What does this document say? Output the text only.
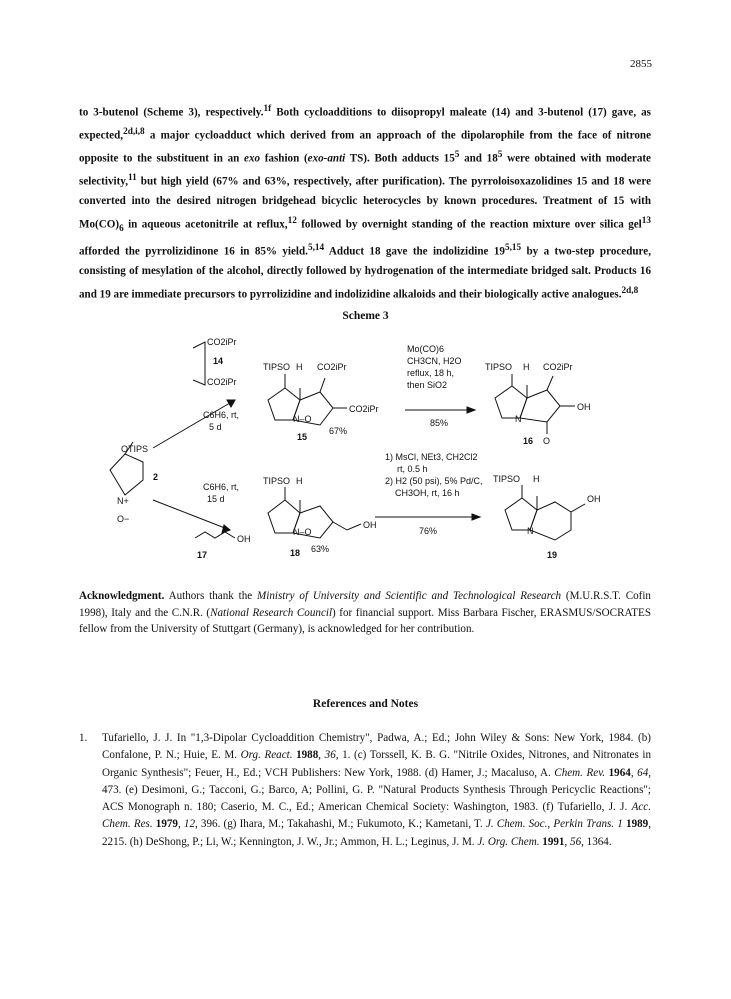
2855
to 3-butenol (Scheme 3), respectively.$^{1f}$ Both cycloadditions to diisopropyl maleate (14) and 3-butenol (17) gave, as expected,$^{2d,i,8}$ a major cycloadduct which derived from an approach of the dipolarophile from the face of nitrone opposite to the substituent in an exo fashion (exo-anti TS). Both adducts $15^5$ and $18^5$ were obtained with moderate selectivity,$^{11}$ but high yield (67% and 63%, respectively, after purification). The pyrroloisoxazolidines 15 and 18 were converted into the desired nitrogen bridgehead bicyclic heterocycles by known procedures. Treatment of 15 with $Mo(CO)_6$ in aqueous acetonitrile at reflux,$^{12}$ followed by overnight standing of the reaction mixture over silica gel$^{13}$ afforded the pyrrolizidinone 16 in 85% yield.$^{5,14}$ Adduct 18 gave the indolizidine 19$^{5,15}$ by a two-step procedure, consisting of mesylation of the alcohol, directly followed by hydrogenation of the intermediate bridged salt. Products 16 and 19 are immediate precursors to pyrrolizidine and indolizidine alkaloids and their biologically active analogues.$^{2d,8}$
Scheme 3
OTIPS
N+
O−
2
CO2iPr
14
CO2iPr
C6H6, rt,
5 d
TIPSO H CO2iPr
CO2iPr
N–O
15
67%
Mo(CO)6
CH3CN, H2O
reflux, 18 h,
then SiO2
85%
TIPSO H CO2iPr
OH
N
O
16
C6H6, rt,
15 d
OH
17
TIPSO H
N–O
OH
18 63%
1) MsCl, NEt3, CH2Cl2
rt, 0.5 h
2) H2 (50 psi), 5% Pd/C,
CH3OH, rt, 16 h
76%
TIPSO H
OH
N
19
Acknowledgment. Authors thank the Ministry of University and Scientific and Technological Research (M.U.R.S.T. Cofin 1998), Italy and the C.N.R. (National Research Council) for financial support. Miss Barbara Fischer, ERASMUS/SOCRATES fellow from the University of Stuttgart (Germany), is acknowledged for her contribution.
References and Notes
1. Tufariello, J. J. In "1,3-Dipolar Cycloaddition Chemistry", Padwa, A.; Ed.; John Wiley & Sons: New York, 1984. (b) Confalone, P. N.; Huie, E. M. Org. React. 1988, 36, 1. (c) Torssell, K. B. G. "Nitrile Oxides, Nitrones, and Nitronates in Organic Synthesis"; Feuer, H., Ed.; VCH Publishers: New York, 1988. (d) Hamer, J.; Macaluso, A. Chem. Rev. 1964, 64, 473. (e) Desimoni, G.; Tacconi, G.; Barco, A; Pollini, G. P. "Natural Products Synthesis Through Pericyclic Reactions"; ACS Monograph n. 180; Caserio, M. C., Ed.; American Chemical Society: Washington, 1983. (f) Tufariello, J. J. Acc. Chem. Res. 1979, 12, 396. (g) Ihara, M.; Takahashi, M.; Fukumoto, K.; Kametani, T. J. Chem. Soc., Perkin Trans. 1 1989, 2215. (h) DeShong, P.; Li, W.; Kennington, J. W., Jr.; Ammon, H. L.; Leginus, J. M. J. Org. Chem. 1991, 56, 1364.
